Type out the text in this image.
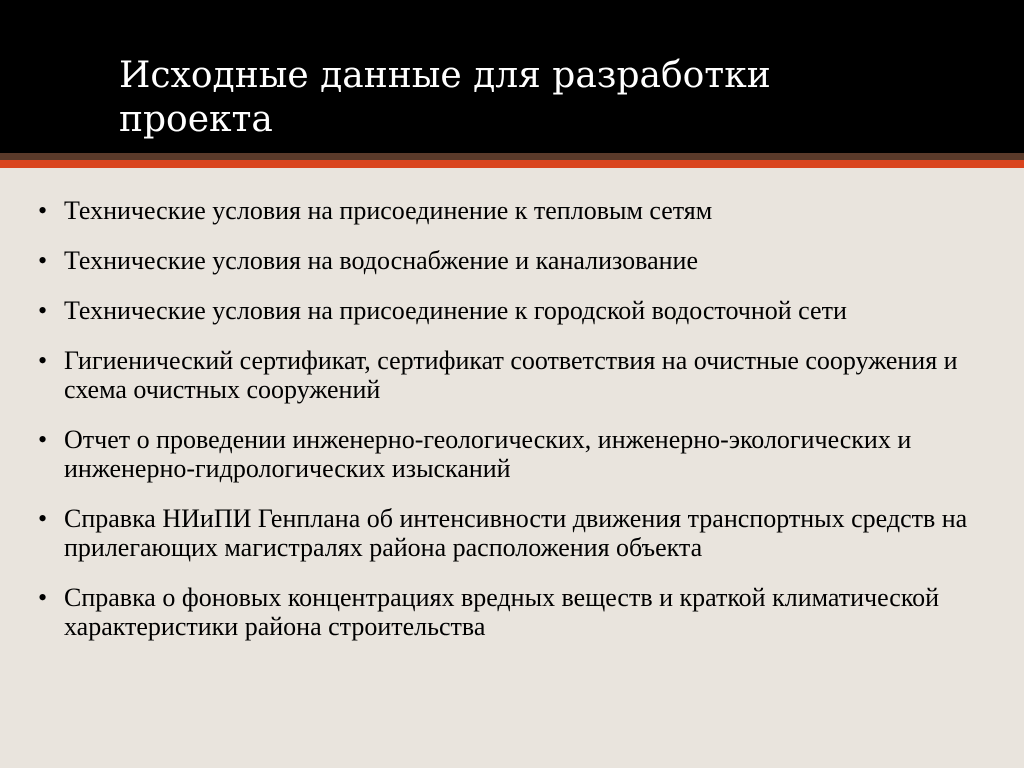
Исходные данные для разработки
проекта
• Технические условия на присоединение к тепловым сетям
• Технические условия на водоснабжение и канализование
• Технические условия на присоединение к городской водосточной сети
• Гигиенический сертификат, сертификат соответствия на очистные сооружения и схема очистных сооружений
• Отчет о проведении инженерно-геологических, инженерно-экологических и инженерно-гидрологических изысканий
• Справка НИиПИ Генплана об интенсивности движения транспортных средств на прилегающих магистралях района расположения объекта
• Справка о фоновых концентрациях вредных веществ и краткой климатической характеристики района строительства
